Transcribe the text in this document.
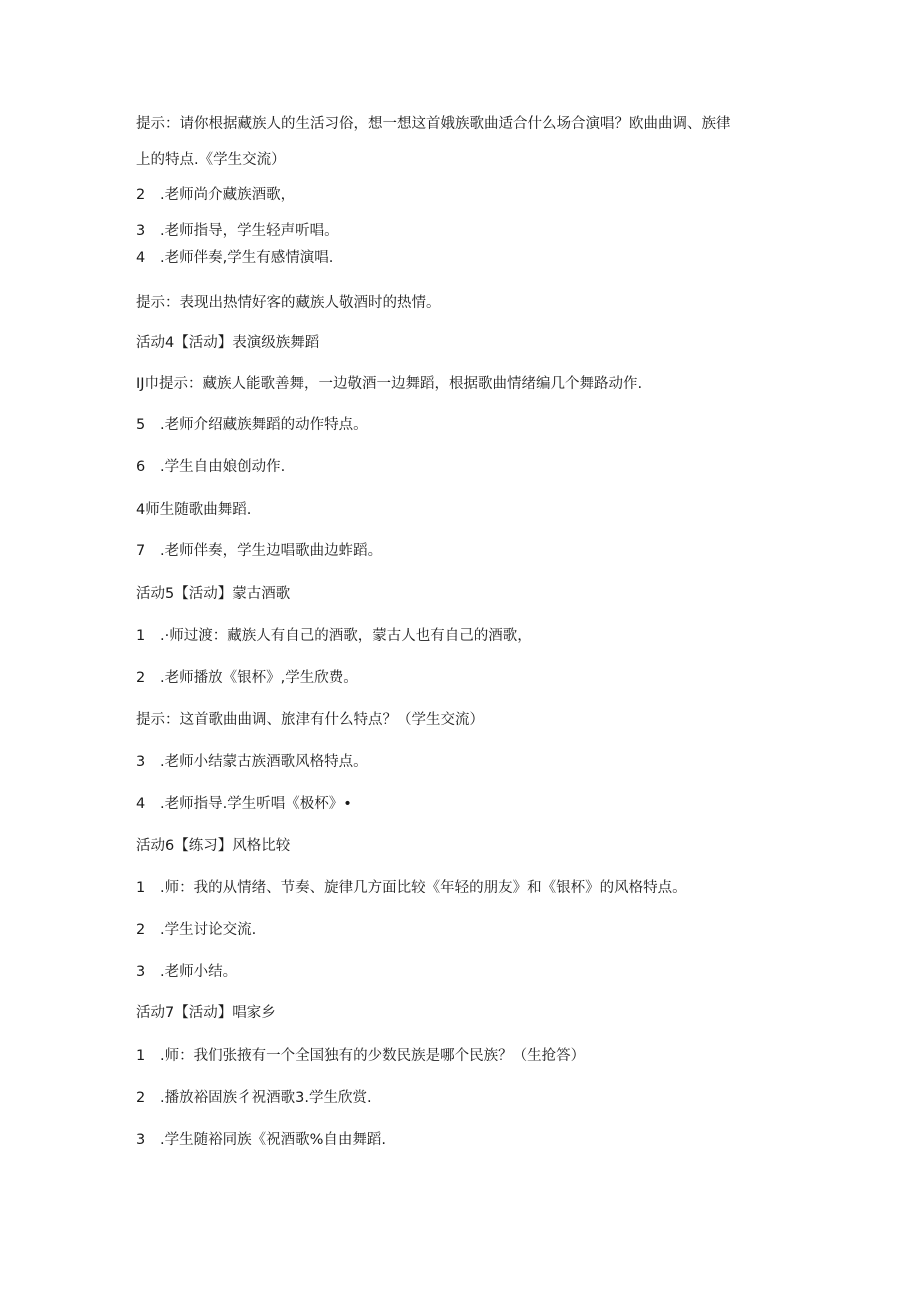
提示：请你根据藏族人的生活习俗，想一想这首娥族歌曲适合什么场合演唱？欧曲曲调、族律
上的特点.《学生交流）
2 .老师尚介藏族酒歌，
3 .老师指导，学生轻声听唱。
4 .老师伴奏,学生有感情演唱.
提示：表现出热情好客的藏族人敬酒时的热情。
活动4【活动】表演级族舞蹈
IJ巾提示：藏族人能歌善舞，一边敬酒一边舞蹈，根据歌曲情绪编几个舞路动作.
5 .老师介绍藏族舞蹈的动作特点。
6 .学生自由娘创动作.
4师生随歌曲舞蹈.
7 .老师伴奏，学生边唱歌曲边蚱蹈。
活动5【活动】蒙古酒歌
1 .·师过渡：藏族人有自己的酒歌，蒙古人也有自己的酒歌，
2 .老师播放《银杯》,学生欣费。
提示：这首歌曲曲调、旅津有什么特点？（学生交流）
3 .老师小结蒙古族酒歌风格特点。
4 .老师指导.学生听唱《极杯》•
活动6【练习】风格比较
1 .师：我的从情绪、节奏、旋律几方面比较《年轻的朋友》和《银杯》的风格特点。
2 .学生讨论交流.
3 .老师小结。
活动7【活动】唱家乡
1 .师：我们张掖有一个全国独有的少数民族是哪个民族？（生抢答）
2 .播放裕固族彳祝酒歌3.学生欣赏.
3 .学生随裕同族《祝酒歌%自由舞蹈.
